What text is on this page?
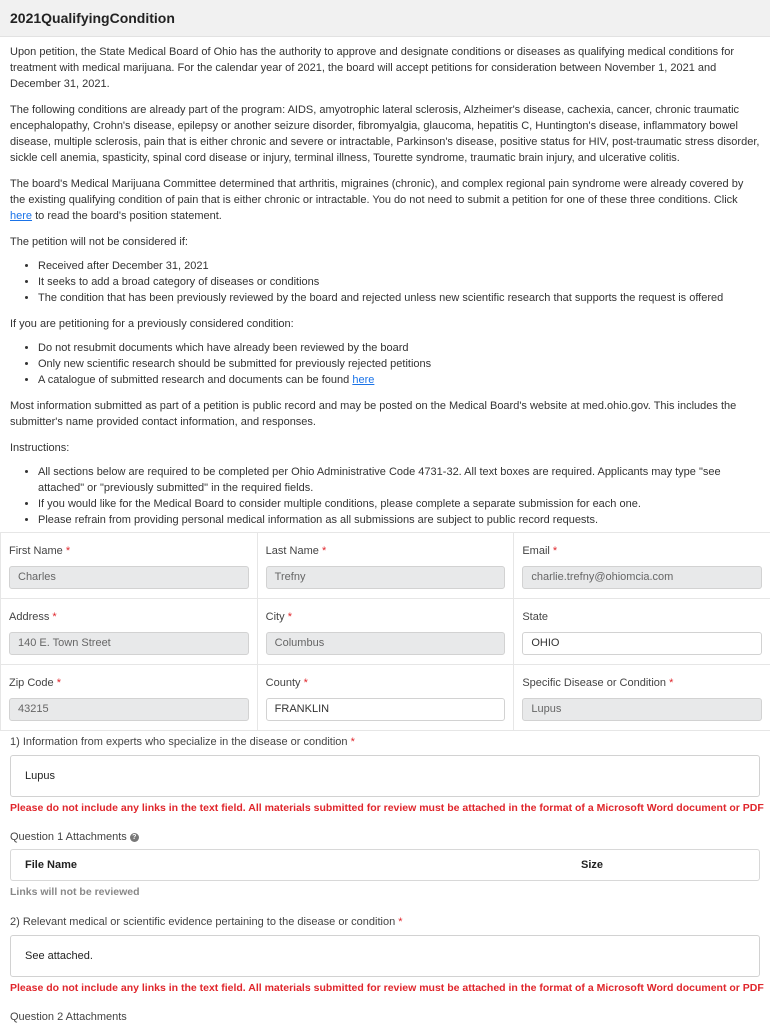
2021QualifyingCondition

Upon petition, the State Medical Board of Ohio has the authority to approve and designate conditions or diseases as qualifying medical conditions for treatment with medical marijuana. For the calendar year of 2021, the board will accept petitions for consideration between November 1, 2021 and December 31, 2021.

The following conditions are already part of the program: AIDS, amyotrophic lateral sclerosis, Alzheimer's disease, cachexia, cancer, chronic traumatic encephalopathy, Crohn's disease, epilepsy or another seizure disorder, fibromyalgia, glaucoma, hepatitis C, Huntington's disease, inflammatory bowel disease, multiple sclerosis, pain that is either chronic and severe or intractable, Parkinson's disease, positive status for HIV, post-traumatic stress disorder, sickle cell anemia, spasticity, spinal cord disease or injury, terminal illness, Tourette syndrome, traumatic brain injury, and ulcerative colitis.

The board's Medical Marijuana Committee determined that arthritis, migraines (chronic), and complex regional pain syndrome were already covered by the existing qualifying condition of pain that is either chronic or intractable. You do not need to submit a petition for one of these three conditions. Click here to read the board's position statement.

The petition will not be considered if:

• Received after December 31, 2021
• It seeks to add a broad category of diseases or conditions
• The condition that has been previously reviewed by the board and rejected unless new scientific research that supports the request is offered

If you are petitioning for a previously considered condition:

• Do not resubmit documents which have already been reviewed by the board
• Only new scientific research should be submitted for previously rejected petitions
• A catalogue of submitted research and documents can be found here

Most information submitted as part of a petition is public record and may be posted on the Medical Board's website at med.ohio.gov. This includes the submitter's name provided contact information, and responses.

Instructions:

• All sections below are required to be completed per Ohio Administrative Code 4731-32. All text boxes are required. Applicants may type "see attached" or "previously submitted" in the required fields.
• If you would like for the Medical Board to consider multiple conditions, please complete a separate submission for each one.
• Please refrain from providing personal medical information as all submissions are subject to public record requests.
First Name *
Charles
Last Name *
Trefny
Email *
charlie.trefny@ohiomcia.com
Address *
140 E. Town Street
City *
Columbus
State
OHIO
Zip Code *
43215
County *
FRANKLIN
Specific Disease or Condition *
Lupus
1) Information from experts who specialize in the disease or condition *
Lupus
Please do not include any links in the text field. All materials submitted for review must be attached in the format of a Microsoft Word document or PDF
Question 1 Attachments ?
File Name	Size
Links will not be reviewed
2) Relevant medical or scientific evidence pertaining to the disease or condition *
See attached.
Please do not include any links in the text field. All materials submitted for review must be attached in the format of a Microsoft Word document or PDF
Question 2 Attachments
